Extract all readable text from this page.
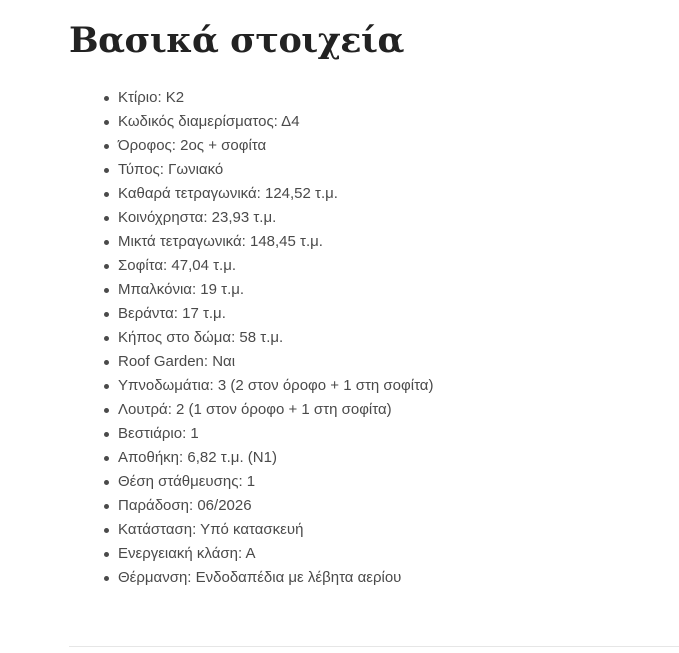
Βασικά στοιχεία
Κτίριο: Κ2
Κωδικός διαμερίσματος: Δ4
Όροφος: 2ος + σοφίτα
Τύπος: Γωνιακό
Καθαρά τετραγωνικά: 124,52 τ.μ.
Κοινόχρηστα: 23,93 τ.μ.
Μικτά τετραγωνικά: 148,45 τ.μ.
Σοφίτα: 47,04 τ.μ.
Μπαλκόνια: 19 τ.μ.
Βεράντα: 17 τ.μ.
Κήπος στο δώμα: 58 τ.μ.
Roof Garden: Ναι
Υπνοδωμάτια: 3 (2 στον όροφο + 1 στη σοφίτα)
Λουτρά: 2 (1 στον όροφο + 1 στη σοφίτα)
Βεστιάριο: 1
Αποθήκη: 6,82 τ.μ. (Ν1)
Θέση στάθμευσης: 1
Παράδοση: 06/2026
Κατάσταση: Υπό κατασκευή
Ενεργειακή κλάση: Α
Θέρμανση: Ενδοδαπέδια με λέβητα αερίου
